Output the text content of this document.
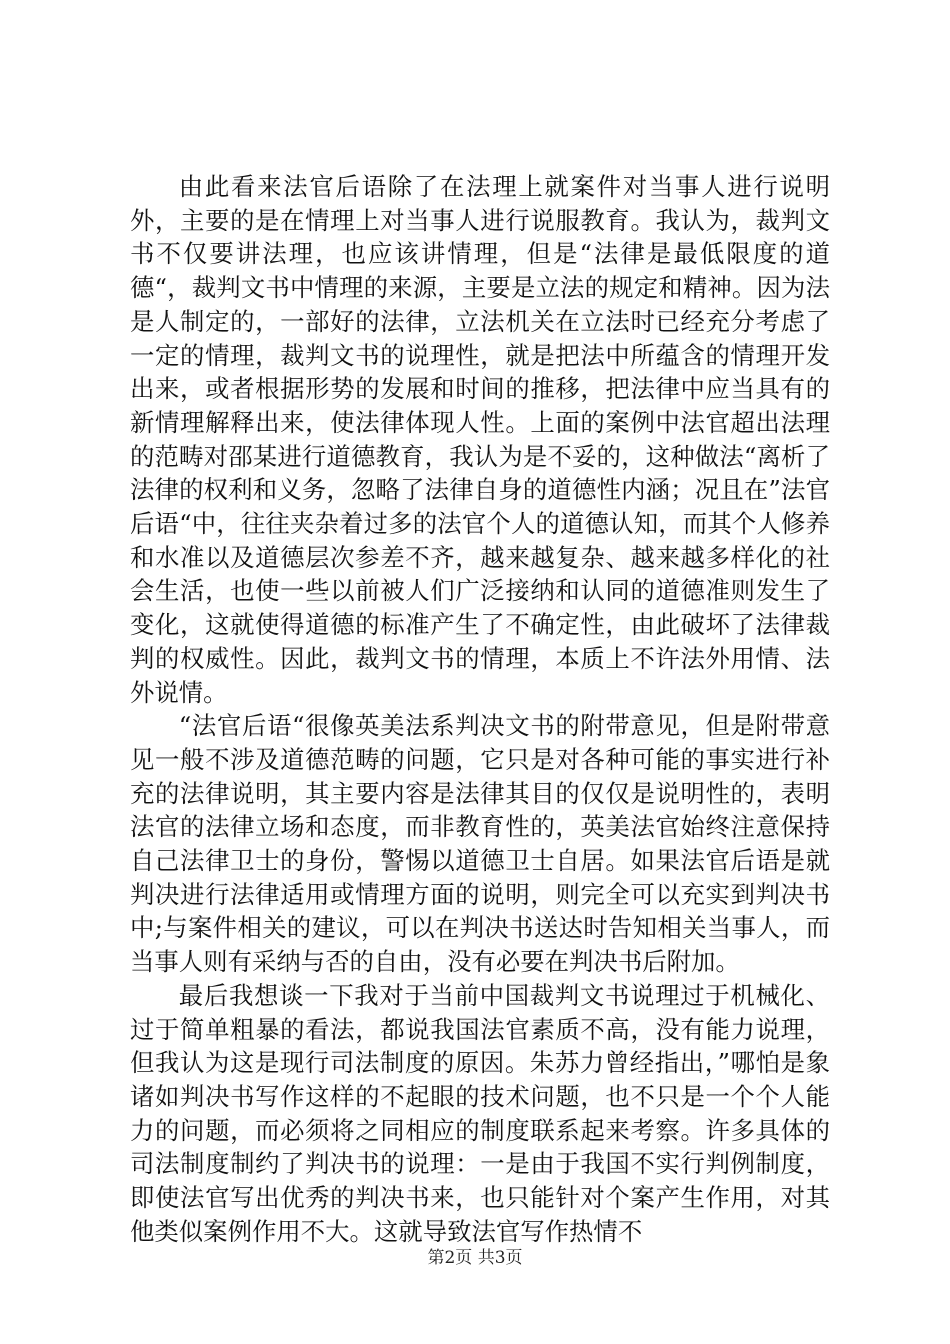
由此看来法官后语除了在法理上就案件对当事人进行说明外，主要的是在情理上对当事人进行说服教育。我认为，裁判文书不仅要讲法理，也应该讲情理，但是“法律是最低限度的道德“，裁判文书中情理的来源，主要是立法的规定和精神。因为法是人制定的，一部好的法律，立法机关在立法时已经充分考虑了一定的情理，裁判文书的说理性，就是把法中所蕴含的情理开发出来，或者根据形势的发展和时间的推移，把法律中应当具有的新情理解释出来，使法律体现人性。上面的案例中法官超出法理的范畴对邵某进行道德教育，我认为是不妥的，这种做法“离析了法律的权利和义务，忽略了法律自身的道德性内涵；况且在”法官后语“中，往往夹杂着过多的法官个人的道德认知，而其个人修养和水准以及道德层次参差不齐，越来越复杂、越来越多样化的社会生活，也使一些以前被人们广泛接纳和认同的道德准则发生了变化，这就使得道德的标准产生了不确定性，由此破坏了法律裁判的权威性。因此，裁判文书的情理，本质上不许法外用情、法外说情。

“法官后语“很像英美法系判决文书的附带意见，但是附带意见一般不涉及道德范畴的问题，它只是对各种可能的事实进行补充的法律说明，其主要内容是法律其目的仅仅是说明性的，表明法官的法律立场和态度，而非教育性的，英美法官始终注意保持自己法律卫士的身份，警惕以道德卫士自居。如果法官后语是就判决进行法律适用或情理方面的说明，则完全可以充实到判决书中;与案件相关的建议，可以在判决书送达时告知相关当事人，而当事人则有采纳与否的自由，没有必要在判决书后附加。

最后我想谈一下我对于当前中国裁判文书说理过于机械化、过于简单粗暴的看法，都说我国法官素质不高，没有能力说理，但我认为这是现行司法制度的原因。朱苏力曾经指出，”哪怕是象诸如判决书写作这样的不起眼的技术问题，也不只是一个个人能力的问题，而必须将之同相应的制度联系起来考察。许多具体的司法制度制约了判决书的说理：一是由于我国不实行判例制度，即使法官写出优秀的判决书来，也只能针对个案产生作用，对其他类似案例作用不大。这就导致法官写作热情不

第2页 共3页
